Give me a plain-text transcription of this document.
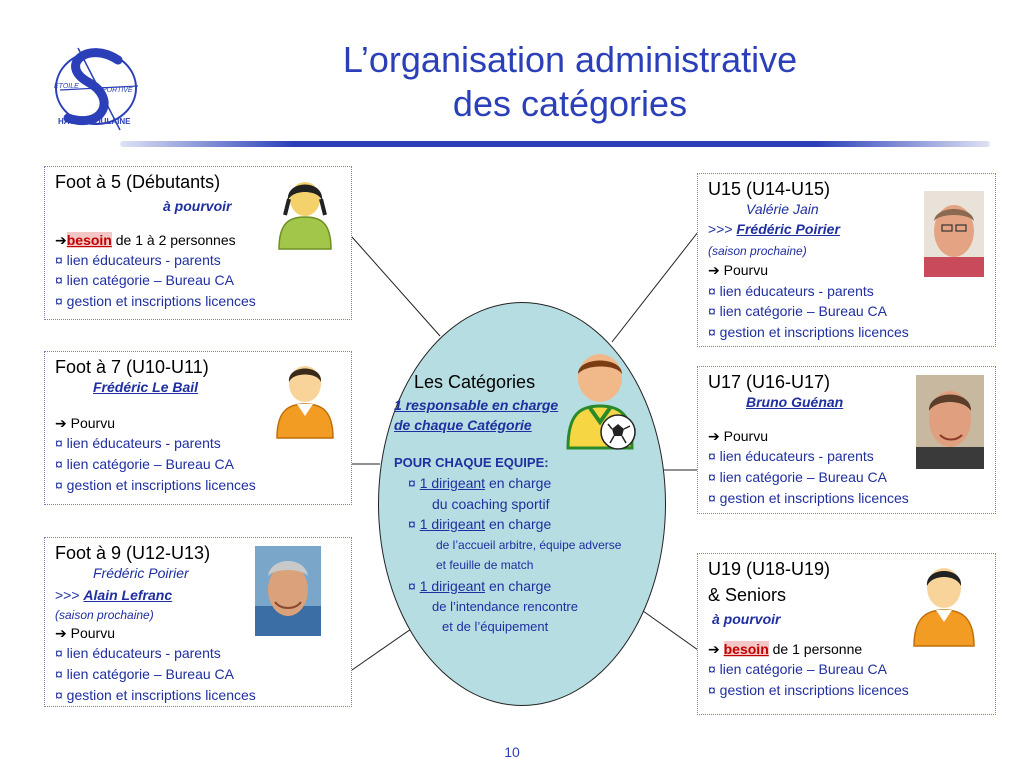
ETOILE
PORTIVE
HAUTE-GOULAINE
L’organisation administrative
des catégories
Les Catégories
1 responsable en charge
de chaque Catégorie
POUR CHAQUE EQUIPE:
¤ 1 dirigeant en charge
du coaching sportif
¤ 1 dirigeant en charge
de l’accueil arbitre, équipe adverse
et feuille de match
¤ 1 dirigeant en charge
de l’intendance rencontre
et de l’équipement
Foot à 5 (Débutants)
à pourvoir
➔besoin de 1 à 2 personnes
¤ lien éducateurs - parents
¤ lien catégorie – Bureau CA
¤ gestion et inscriptions licences
Foot à 7 (U10-U11)
Frédéric Le Bail
➔ Pourvu
¤ lien éducateurs - parents
¤ lien catégorie – Bureau CA
¤ gestion et inscriptions licences
Foot à 9 (U12-U13)
Frédéric Poirier
>>> Alain Lefranc
(saison prochaine)
➔ Pourvu
¤ lien éducateurs - parents
¤ lien catégorie – Bureau CA
¤ gestion et inscriptions licences
U15 (U14-U15)
Valérie Jain
>>> Frédéric Poirier
(saison prochaine)
➔ Pourvu
¤ lien éducateurs - parents
¤ lien catégorie – Bureau CA
¤ gestion et inscriptions licences
U17 (U16-U17)
Bruno Guénan
➔ Pourvu
¤ lien éducateurs - parents
¤ lien catégorie – Bureau CA
¤ gestion et inscriptions licences
U19 (U18-U19)
& Seniors
à pourvoir
➔ besoin de 1 personne
¤ lien catégorie – Bureau CA
¤ gestion et inscriptions licences
10
